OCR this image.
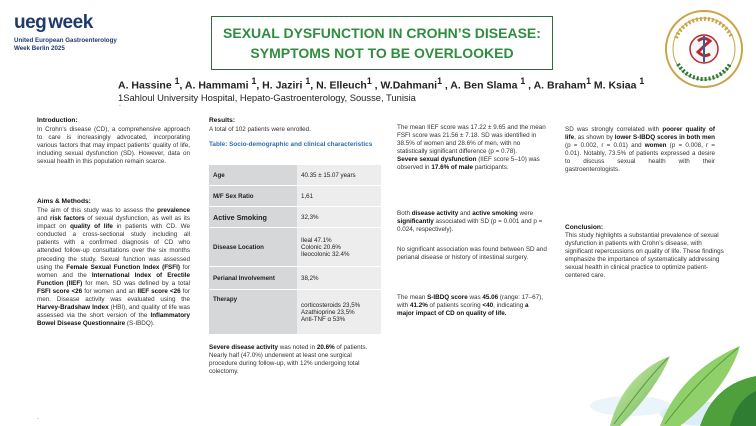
ueg week
United European Gastroenterology
Week Berlin 2025
SEXUAL DYSFUNCTION IN CROHN’S DISEASE:
SYMPTOMS NOT TO BE OVERLOOKED
A. Hassine $^1$, A. Hammami $^1$, H. Jaziri $^1$, N. Elleuch$^1$ , W.Dahmani$^1$ , A. Ben Slama $^1$ , A. Braham$^1$ M. Ksiaa $^1$
1Sahloul University Hospital, Hepato-Gastroenterology, Sousse, Tunisia
.
Introduction:
In Crohn’s disease (CD), a comprehensive approach to care is increasingly advocated, incorporating various factors that may impact patients’ quality of life, including sexual dysfunction (SD). However, data on sexual health in this population remain scarce.
Aims & Methods:
The aim of this study was to assess the prevalence and risk factors of sexual dysfunction, as well as its impact on quality of life in patients with CD. We conducted a cross-sectional study including all patients with a confirmed diagnosis of CD who attended follow-up consultations over the six months preceding the study. Sexual function was assessed using the Female Sexual Function Index (FSFI) for women and the International Index of Erectile Function (IIEF) for men. SD was defined by a total FSFI score <26 for women and an IIEF score <26 for men. Disease activity was evaluated using the Harvey-Bradshaw Index (HBI), and quality of life was assessed via the short version of the Inflammatory Bowel Disease Questionnaire (S-IBDQ).
.
Results:
A total of 102 patients were enrolled.
Table: Socio-demographic and clinical characteristics
Age	40.35 ± 15.07 years

M/F Sex Ratio	1,61

Active Smoking	32,3%

Disease Location	Ileal 47.1%
Colonic 20.6%
Ileocolonic 32.4%

Perianal Involvement	38,2%

Therapy	corticosteroids 23,5%
Azathioprine 23,5%
Anti-TNF α 53%
Severe disease activity was noted in 20.6% of patients. Nearly half (47.0%) underwent at least one surgical procedure during follow-up, with 12% undergoing total colectomy.
The mean IIEF score was 17.22 ± 9.65 and the mean FSFI score was 21.56 ± 7.18. SD was identified in 38.5% of women and 28.6% of men, with no statistically significant difference (p = 0.78).
Severe sexual dysfunction (IIEF score 5–10) was observed in 17.6% of male participants.
Both disease activity and active smoking were significantly associated with SD (p = 0.001 and p = 0.024, respectively).
No significant association was found between SD and perianal disease or history of intestinal surgery.
The mean S-IBDQ score was 45.06 (range: 17–67), with 41.2% of patients scoring <40, indicating a major impact of CD on quality of life.
SD was strongly correlated with poorer quality of life, as shown by lower S-IBDQ scores in both men (p = 0.002, r = 0.01) and women (p = 0.008, r = 0.01). Notably, 73.5% of patients expressed a desire to discuss sexual health with their gastroenterologists.
Conclusion:
This study highlights a substantial prevalence of sexual dysfunction in patients with Crohn’s disease, with significant repercussions on quality of life. These findings emphasize the importance of systematically addressing sexual health in clinical practice to optimize patient-centered care.
